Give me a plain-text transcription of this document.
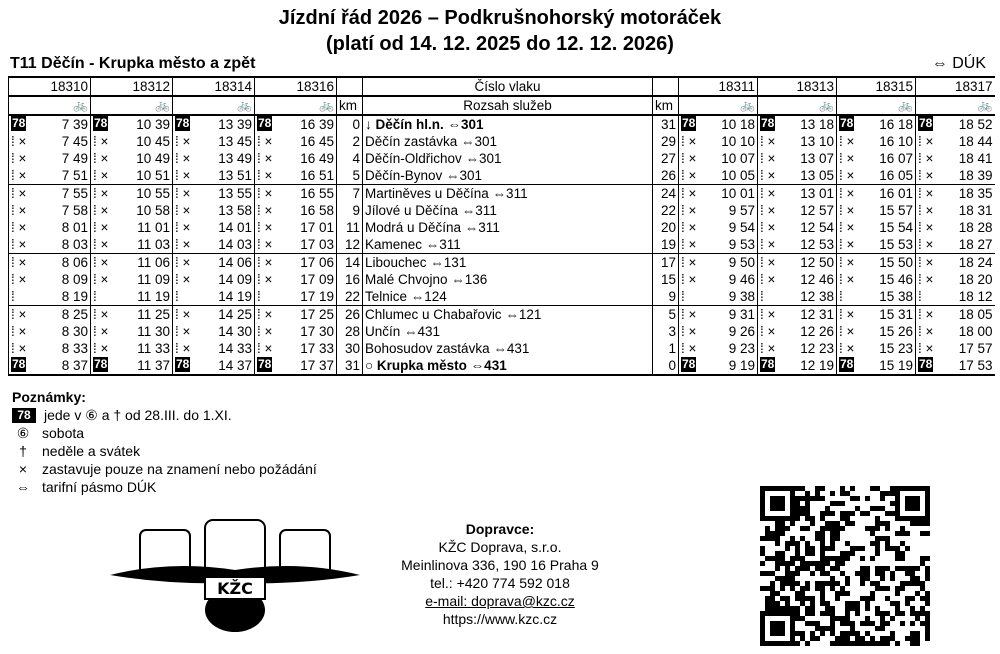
Jízdní řád 2026 – Podkrušnohorský motoráček
(platí od 14. 12. 2025 do 12. 12. 2026)
T11 Děčín - Krupka město a zpět	⇔ DÚK
18310	18312	18314	18316		Číslo vlaku		18311	18313	18315	18317
🚲	🚲	🚲	🚲	km	Rozsah služeb	km	🚲	🚲	🚲	🚲

78 7 39	78 10 39	78 13 39	78 16 39	0	↓ Děčín hl.n. ⇔301	31	78 10 18	78 13 18	78 16 18	78 18 52

⁞ × 7 45	⁞ × 10 45	⁞ × 13 45	⁞ × 16 45	2	Děčín zastávka ⇔301	29	⁞ × 10 10	⁞ × 13 10	⁞ × 16 10	⁞ × 18 44

⁞ × 7 49	⁞ × 10 49	⁞ × 13 49	⁞ × 16 49	4	Děčín-Oldřichov ⇔301	27	⁞ × 10 07	⁞ × 13 07	⁞ × 16 07	⁞ × 18 41

⁞ × 7 51	⁞ × 10 51	⁞ × 13 51	⁞ × 16 51	5	Děčín-Bynov ⇔301	26	⁞ × 10 05	⁞ × 13 05	⁞ × 16 05	⁞ × 18 39

⁞ × 7 55	⁞ × 10 55	⁞ × 13 55	⁞ × 16 55	7	Martiněves u Děčína ⇔311	24	⁞ × 10 01	⁞ × 13 01	⁞ × 16 01	⁞ × 18 35

⁞ × 7 58	⁞ × 10 58	⁞ × 13 58	⁞ × 16 58	9	Jílové u Děčína ⇔311	22	⁞ × 9 57	⁞ × 12 57	⁞ × 15 57	⁞ × 18 31

⁞ × 8 01	⁞ × 11 01	⁞ × 14 01	⁞ × 17 01	11	Modrá u Děčína ⇔311	20	⁞ × 9 54	⁞ × 12 54	⁞ × 15 54	⁞ × 18 28

⁞ × 8 03	⁞ × 11 03	⁞ × 14 03	⁞ × 17 03	12	Kamenec ⇔311	19	⁞ × 9 53	⁞ × 12 53	⁞ × 15 53	⁞ × 18 27

⁞ × 8 06	⁞ × 11 06	⁞ × 14 06	⁞ × 17 06	14	Libouchec ⇔131	17	⁞ × 9 50	⁞ × 12 50	⁞ × 15 50	⁞ × 18 24

⁞ × 8 09	⁞ × 11 09	⁞ × 14 09	⁞ × 17 09	16	Malé Chvojno ⇔136	15	⁞ × 9 46	⁞ × 12 46	⁞ × 15 46	⁞ × 18 20

⁞ 8 19	⁞ 11 19	⁞ 14 19	⁞ 17 19	22	Telnice ⇔124	9	⁞ 9 38	⁞ 12 38	⁞ 15 38	⁞ 18 12

⁞ × 8 25	⁞ × 11 25	⁞ × 14 25	⁞ × 17 25	26	Chlumec u Chabařovic ⇔121	5	⁞ × 9 31	⁞ × 12 31	⁞ × 15 31	⁞ × 18 05

⁞ × 8 30	⁞ × 11 30	⁞ × 14 30	⁞ × 17 30	28	Unčín ⇔431	3	⁞ × 9 26	⁞ × 12 26	⁞ × 15 26	⁞ × 18 00

⁞ × 8 33	⁞ × 11 33	⁞ × 14 33	⁞ × 17 33	30	Bohosudov zastávka ⇔431	1	⁞ × 9 23	⁞ × 12 23	⁞ × 15 23	⁞ × 17 57

78 8 37	78 11 37	78 14 37	78 17 37	31	○ Krupka město ⇔431	0	78 9 19	78 12 19	78 15 19	78 17 53
Poznámky:
78 jede v ⑥ a † od 28.III. do 1.XI.
⑥ sobota
†	neděle a svátek
×	zastavuje pouze na znamení nebo požádání
⇔ tarifní pásmo DÚK
KŽC
Dopravce:
KŽC Doprava, s.r.o.
Meinlinova 336, 190 16 Praha 9
tel.: +420 774 592 018
e-mail: doprava@kzc.cz
https://www.kzc.cz
